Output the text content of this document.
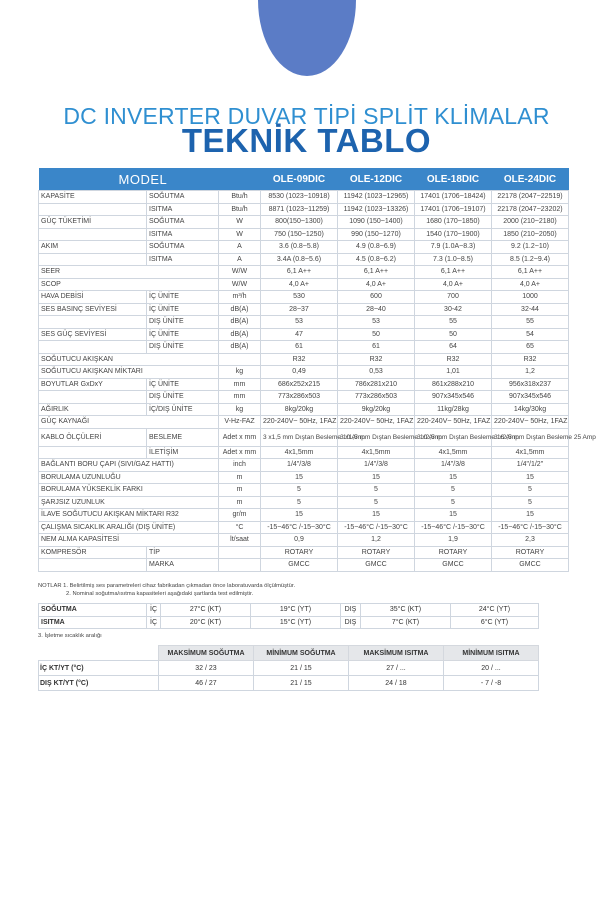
DC INVERTER DUVAR TİPİ SPLİT KLİMALAR
TEKNİK TABLO
MODEL			OLE-09DIC	OLE-12DIC	OLE-18DIC	OLE-24DIC
KAPASİTE	SOĞUTMA	Btu/h	8530 (1023~10918)	11942 (1023~12965)	17401 (1706~18424)	22178 (2047~22519)
	ISITMA	Btu/h	8871 (1023~11259)	11942 (1023~13326)	17401 (1706~19107)	22178 (2047~23202)
GÜÇ TÜKETİMİ	SOĞUTMA	W	800(150~1300)	1090 (150~1400)	1680 (170~1850)	2000 (210~2180)
	ISITMA	W	750 (150~1250)	990 (150~1270)	1540 (170~1900)	1850 (210~2050)
AKIM	SOĞUTMA	A	3.6 (0.8~5.8)	4.9 (0.8~6.9)	7.9 (1.0A~8.3)	9.2 (1.2~10)
	ISITMA	A	3.4A (0.8~5.6)	4.5 (0.8~6.2)	7.3 (1.0~8.5)	8.5 (1.2~9.4)
SEER		W/W	6,1 A++	6,1 A++	6,1 A++	6,1 A++
SCOP		W/W	4,0 A+	4,0 A+	4,0 A+	4,0 A+
HAVA DEBİSİ	İÇ ÜNİTE	m³/h	530	600	700	1000
SES BASINÇ SEVİYESİ	İÇ ÜNİTE	dB(A)	28~37	28~40	30-42	32-44
	DIŞ ÜNİTE	dB(A)	53	53	55	55
SES GÜÇ SEVİYESİ	İÇ ÜNİTE	dB(A)	47	50	50	54
	DIŞ ÜNİTE	dB(A)	61	61	64	65
SOĞUTUCU AKIŞKAN			R32	R32	R32	R32
SOĞUTUCU AKIŞKAN MİKTARI		kg	0,49	0,53	1,01	1,2
BOYUTLAR GxDxY	İÇ ÜNİTE	mm	686x252x215	786x281x210	861x288x210	956x318x237
	DIŞ ÜNİTE	mm	773x286x503	773x286x503	907x345x546	907x345x546
AĞIRLIK	İÇ/DIŞ ÜNİTE	kg	8kg/20kg	9kg/20kg	11kg/28kg	14kg/30kg
GÜÇ KAYNAĞI		V-Hz-FAZ	220-240V~ 50Hz, 1FAZ	220-240V~ 50Hz, 1FAZ	220-240V~ 50Hz, 1FAZ	220-240V~ 50Hz, 1FAZ
KABLO ÖLÇÜLERİ	BESLEME	Adet x mm	3 x1,5 mm Dıştan Besleme 10 Amp	3 x1,5 mm Dıştan Besleme 10 Amp	3 x2,5 mm Dıştan Besleme 16 Amp	3 x2,5 mm Dıştan Besleme 25 Amp

	İLETİŞİM	Adet x mm	4x1,5mm	4x1,5mm	4x1,5mm	4x1,5mm
BAĞLANTI BORU ÇAPI (SIVI/GAZ HATTI)		inch	1/4"/3/8	1/4"/3/8	1/4"/3/8	1/4"/1/2"
BORULAMA UZUNLUĞU		m	15	15	15	15
BORULAMA YÜKSEKLİK FARKI		m	5	5	5	5
ŞARJSIZ UZUNLUK		m	5	5	5	5
İLAVE SOĞUTUCU AKIŞKAN MİKTARI R32		gr/m	15	15	15	15
ÇALIŞMA SICAKLIK ARALIĞI (DIŞ ÜNİTE)		°C	-15~46°C /-15~30°C	-15~46°C /-15~30°C	-15~46°C /-15~30°C	-15~46°C /-15~30°C
NEM ALMA KAPASİTESİ		lt/saat	0,9	1,2	1,9	2,3
KOMPRESÖR	TİP		ROTARY	ROTARY	ROTARY	ROTARY
	MARKA		GMCC	GMCC	GMCC	GMCC
NOTLAR 1. Belirtilmiş ses parametreleri cihaz fabrikadan çıkmadan önce laboratuvarda ölçülmüştür.
2. Nominal soğutma/ısıtma kapasiteleri aşağıdaki şartlarda test edilmiştir.
SOĞUTMA	İÇ	27°C (KT)	19°C (YT)	DIŞ	35°C (KT)	24°C (YT)
ISITMA	İÇ	20°C (KT)	15°C (YT)	DIŞ	7°C (KT)	6°C (YT)
3. İşletme sıcaklık aralığı
	MAKSİMUM SOĞUTMA	MİNİMUM SOĞUTMA	MAKSİMUM ISITMA	MİNİMUM ISITMA
İÇ KT/YT (°C)	32 / 23	21 / 15	27 / ...	20 / ...
DIŞ KT/YT (°C)	46 / 27	21 / 15	24 / 18	- 7 / -8
